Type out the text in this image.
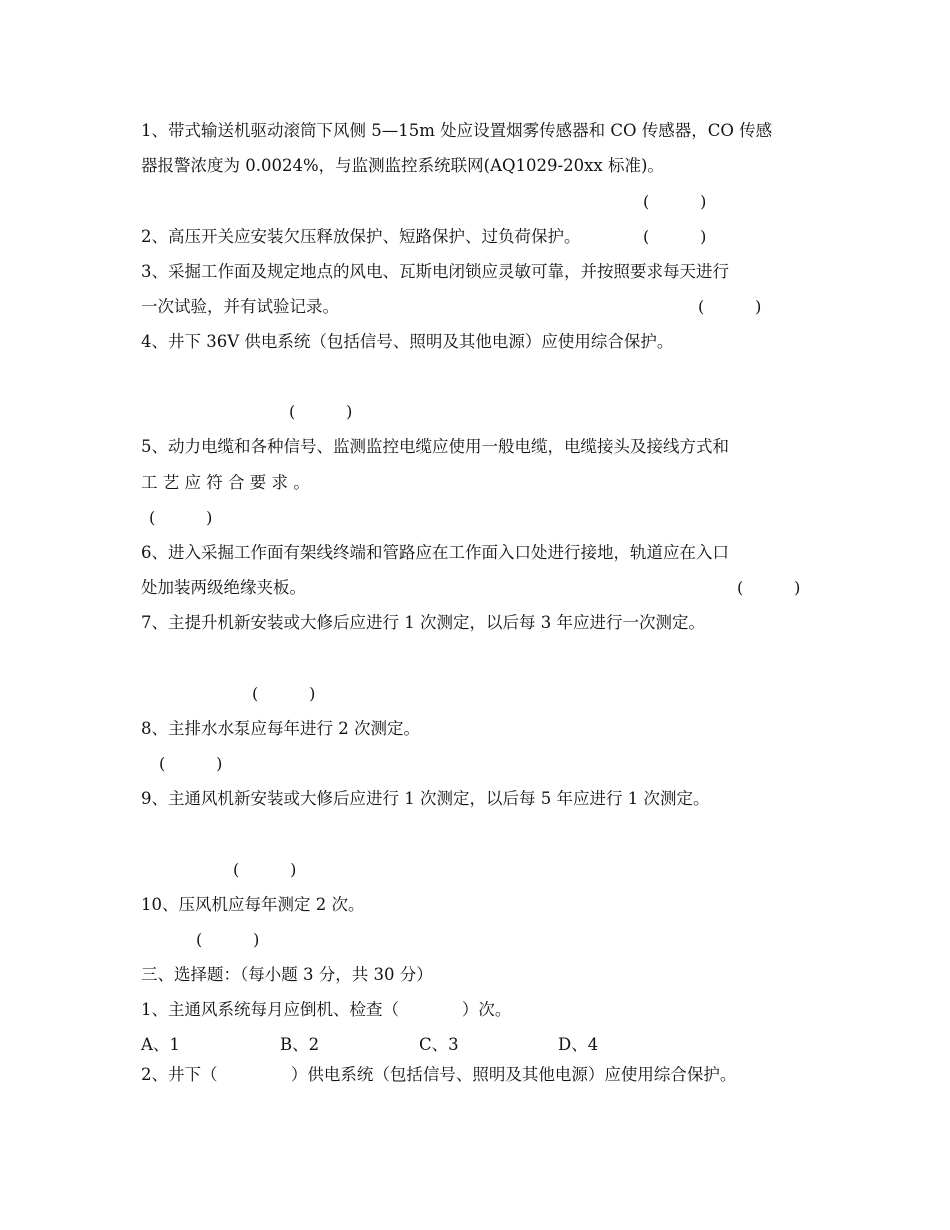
1、带式输送机驱动滚筒下风侧 5—15m 处应设置烟雾传感器和 CO 传感器，CO 传感
器报警浓度为 0.0024%，与监测监控系统联网(AQ1029-20xx 标准)。
(          )
2、高压开关应安装欠压释放保护、短路保护、过负荷保护。	(          )
3、采掘工作面及规定地点的风电、瓦斯电闭锁应灵敏可靠，并按照要求每天进行
一次试验，并有试验记录。	(          )
4、井下 36V 供电系统（包括信号、照明及其他电源）应使用综合保护。
(          )
5、动力电缆和各种信号、监测监控电缆应使用一般电缆，电缆接头及接线方式和
工 艺 应 符 合 要 求 。
(          )
6、进入采掘工作面有架线终端和管路应在工作面入口处进行接地，轨道应在入口
处加装两级绝缘夹板。	(          )
7、主提升机新安装或大修后应进行 1 次测定，以后每 3 年应进行一次测定。
(          )
8、主排水水泵应每年进行 2 次测定。
(          )
9、主通风机新安装或大修后应进行 1 次测定，以后每 5 年应进行 1 次测定。
(          )
10、压风机应每年测定 2 次。
(          )
三、选择题：（每小题 3 分，共 30 分）
1、主通风系统每月应倒机、检查（            ）次。
A、1	B、2	C、3	D、4
2、井下（              ）供电系统（包括信号、照明及其他电源）应使用综合保护。
